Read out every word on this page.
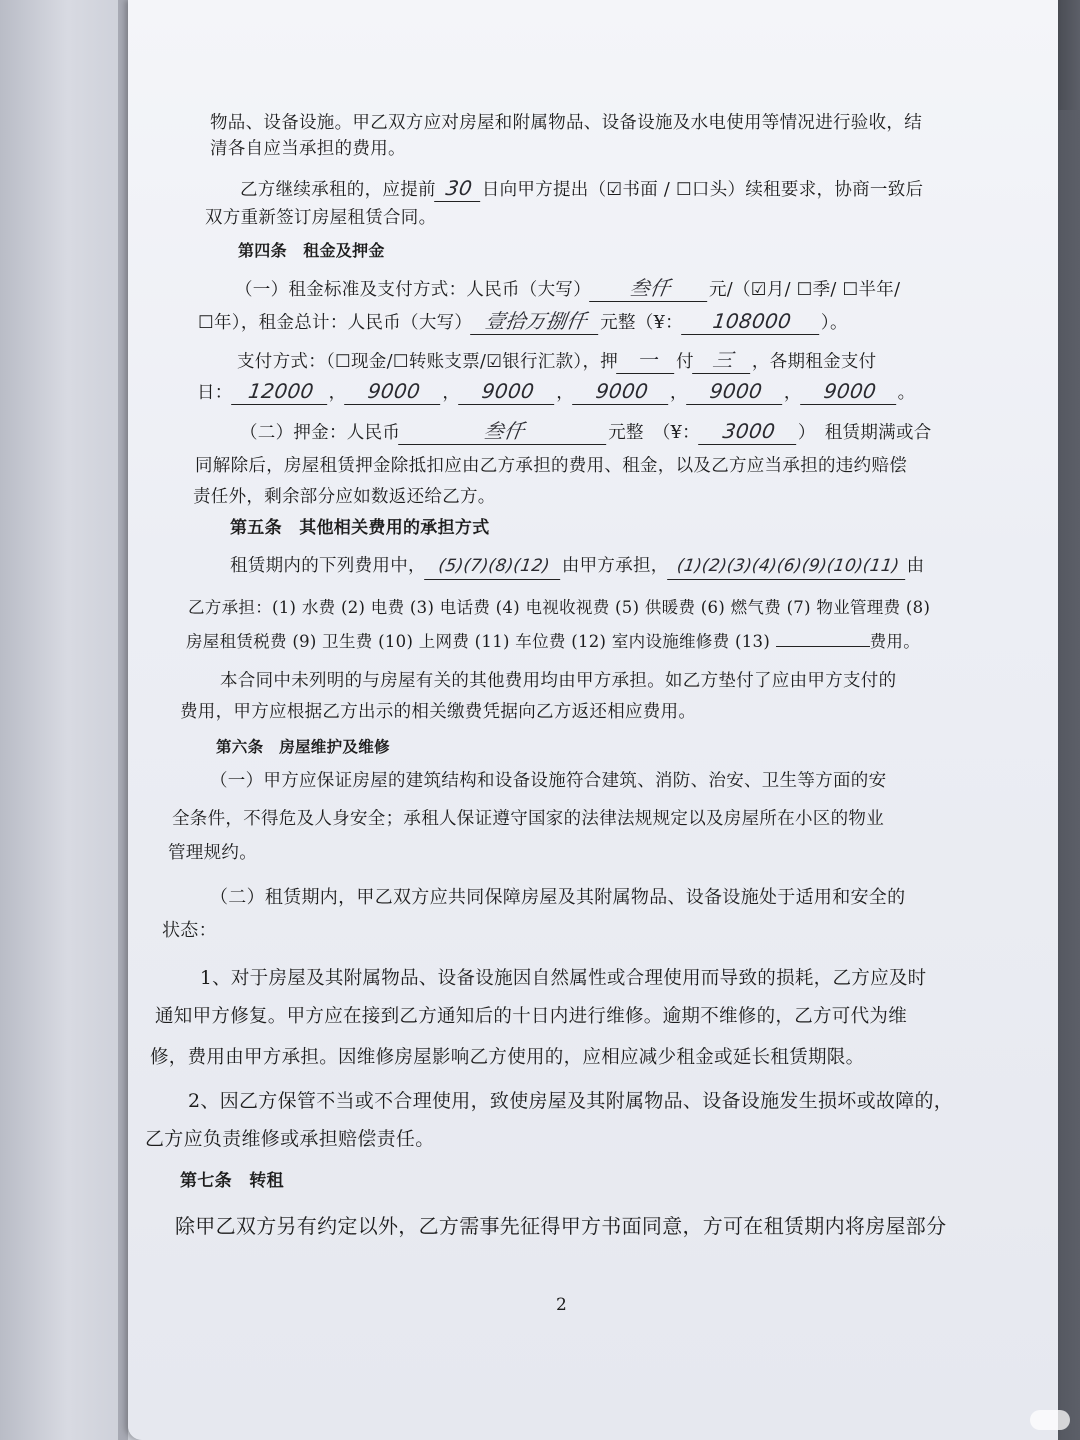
物品、设备设施。甲乙双方应对房屋和附属物品、设备设施及水电使用等情况进行验收，结
清各自应当承担的费用。
乙方继续承租的，应提前 30 日向甲方提出（☑书面 / ☐口头）续租要求，协商一致后
双方重新签订房屋租赁合同。
第四条　租金及押金
（一）租金标准及支付方式：人民币（大写） 叁仟 元/（☑月/ ☐季/ ☐半年/
☐年），租金总计：人民币（大写） 壹拾万捌仟 元整（¥： 108000 ）。
支付方式：（☐现金/☐转账支票/☑银行汇款），押 一 付 三 ，各期租金支付
日： 12000 ， 9000 ， 9000 ， 9000 ， 9000 ， 9000 。
（二）押金：人民币	叁仟	元整　（¥： 3000 ）　租赁期满或合
同解除后，房屋租赁押金除抵扣应由乙方承担的费用、租金，以及乙方应当承担的违约赔偿
责任外，剩余部分应如数返还给乙方。
第五条　其他相关费用的承担方式
租赁期内的下列费用中， (5)(7)(8)(12) 由甲方承担， (1)(2)(3)(4)(6)(9)(10)(11) 由
乙方承担：(1) 水费 (2) 电费 (3) 电话费 (4) 电视收视费 (5) 供暖费 (6) 燃气费 (7) 物业管理费 (8)
房屋租赁税费 (9) 卫生费 (10) 上网费 (11) 车位费 (12) 室内设施维修费 (13)	费用。
本合同中未列明的与房屋有关的其他费用均由甲方承担。如乙方垫付了应由甲方支付的
费用，甲方应根据乙方出示的相关缴费凭据向乙方返还相应费用。
第六条　房屋维护及维修
（一）甲方应保证房屋的建筑结构和设备设施符合建筑、消防、治安、卫生等方面的安
全条件，不得危及人身安全；承租人保证遵守国家的法律法规规定以及房屋所在小区的物业
管理规约。
（二）租赁期内，甲乙双方应共同保障房屋及其附属物品、设备设施处于适用和安全的
状态：
1、对于房屋及其附属物品、设备设施因自然属性或合理使用而导致的损耗，乙方应及时
通知甲方修复。甲方应在接到乙方通知后的十日内进行维修。逾期不维修的，乙方可代为维
修，费用由甲方承担。因维修房屋影响乙方使用的，应相应减少租金或延长租赁期限。
2、因乙方保管不当或不合理使用，致使房屋及其附属物品、设备设施发生损坏或故障的，
乙方应负责维修或承担赔偿责任。
第七条　转租
除甲乙双方另有约定以外，乙方需事先征得甲方书面同意，方可在租赁期内将房屋部分
2
